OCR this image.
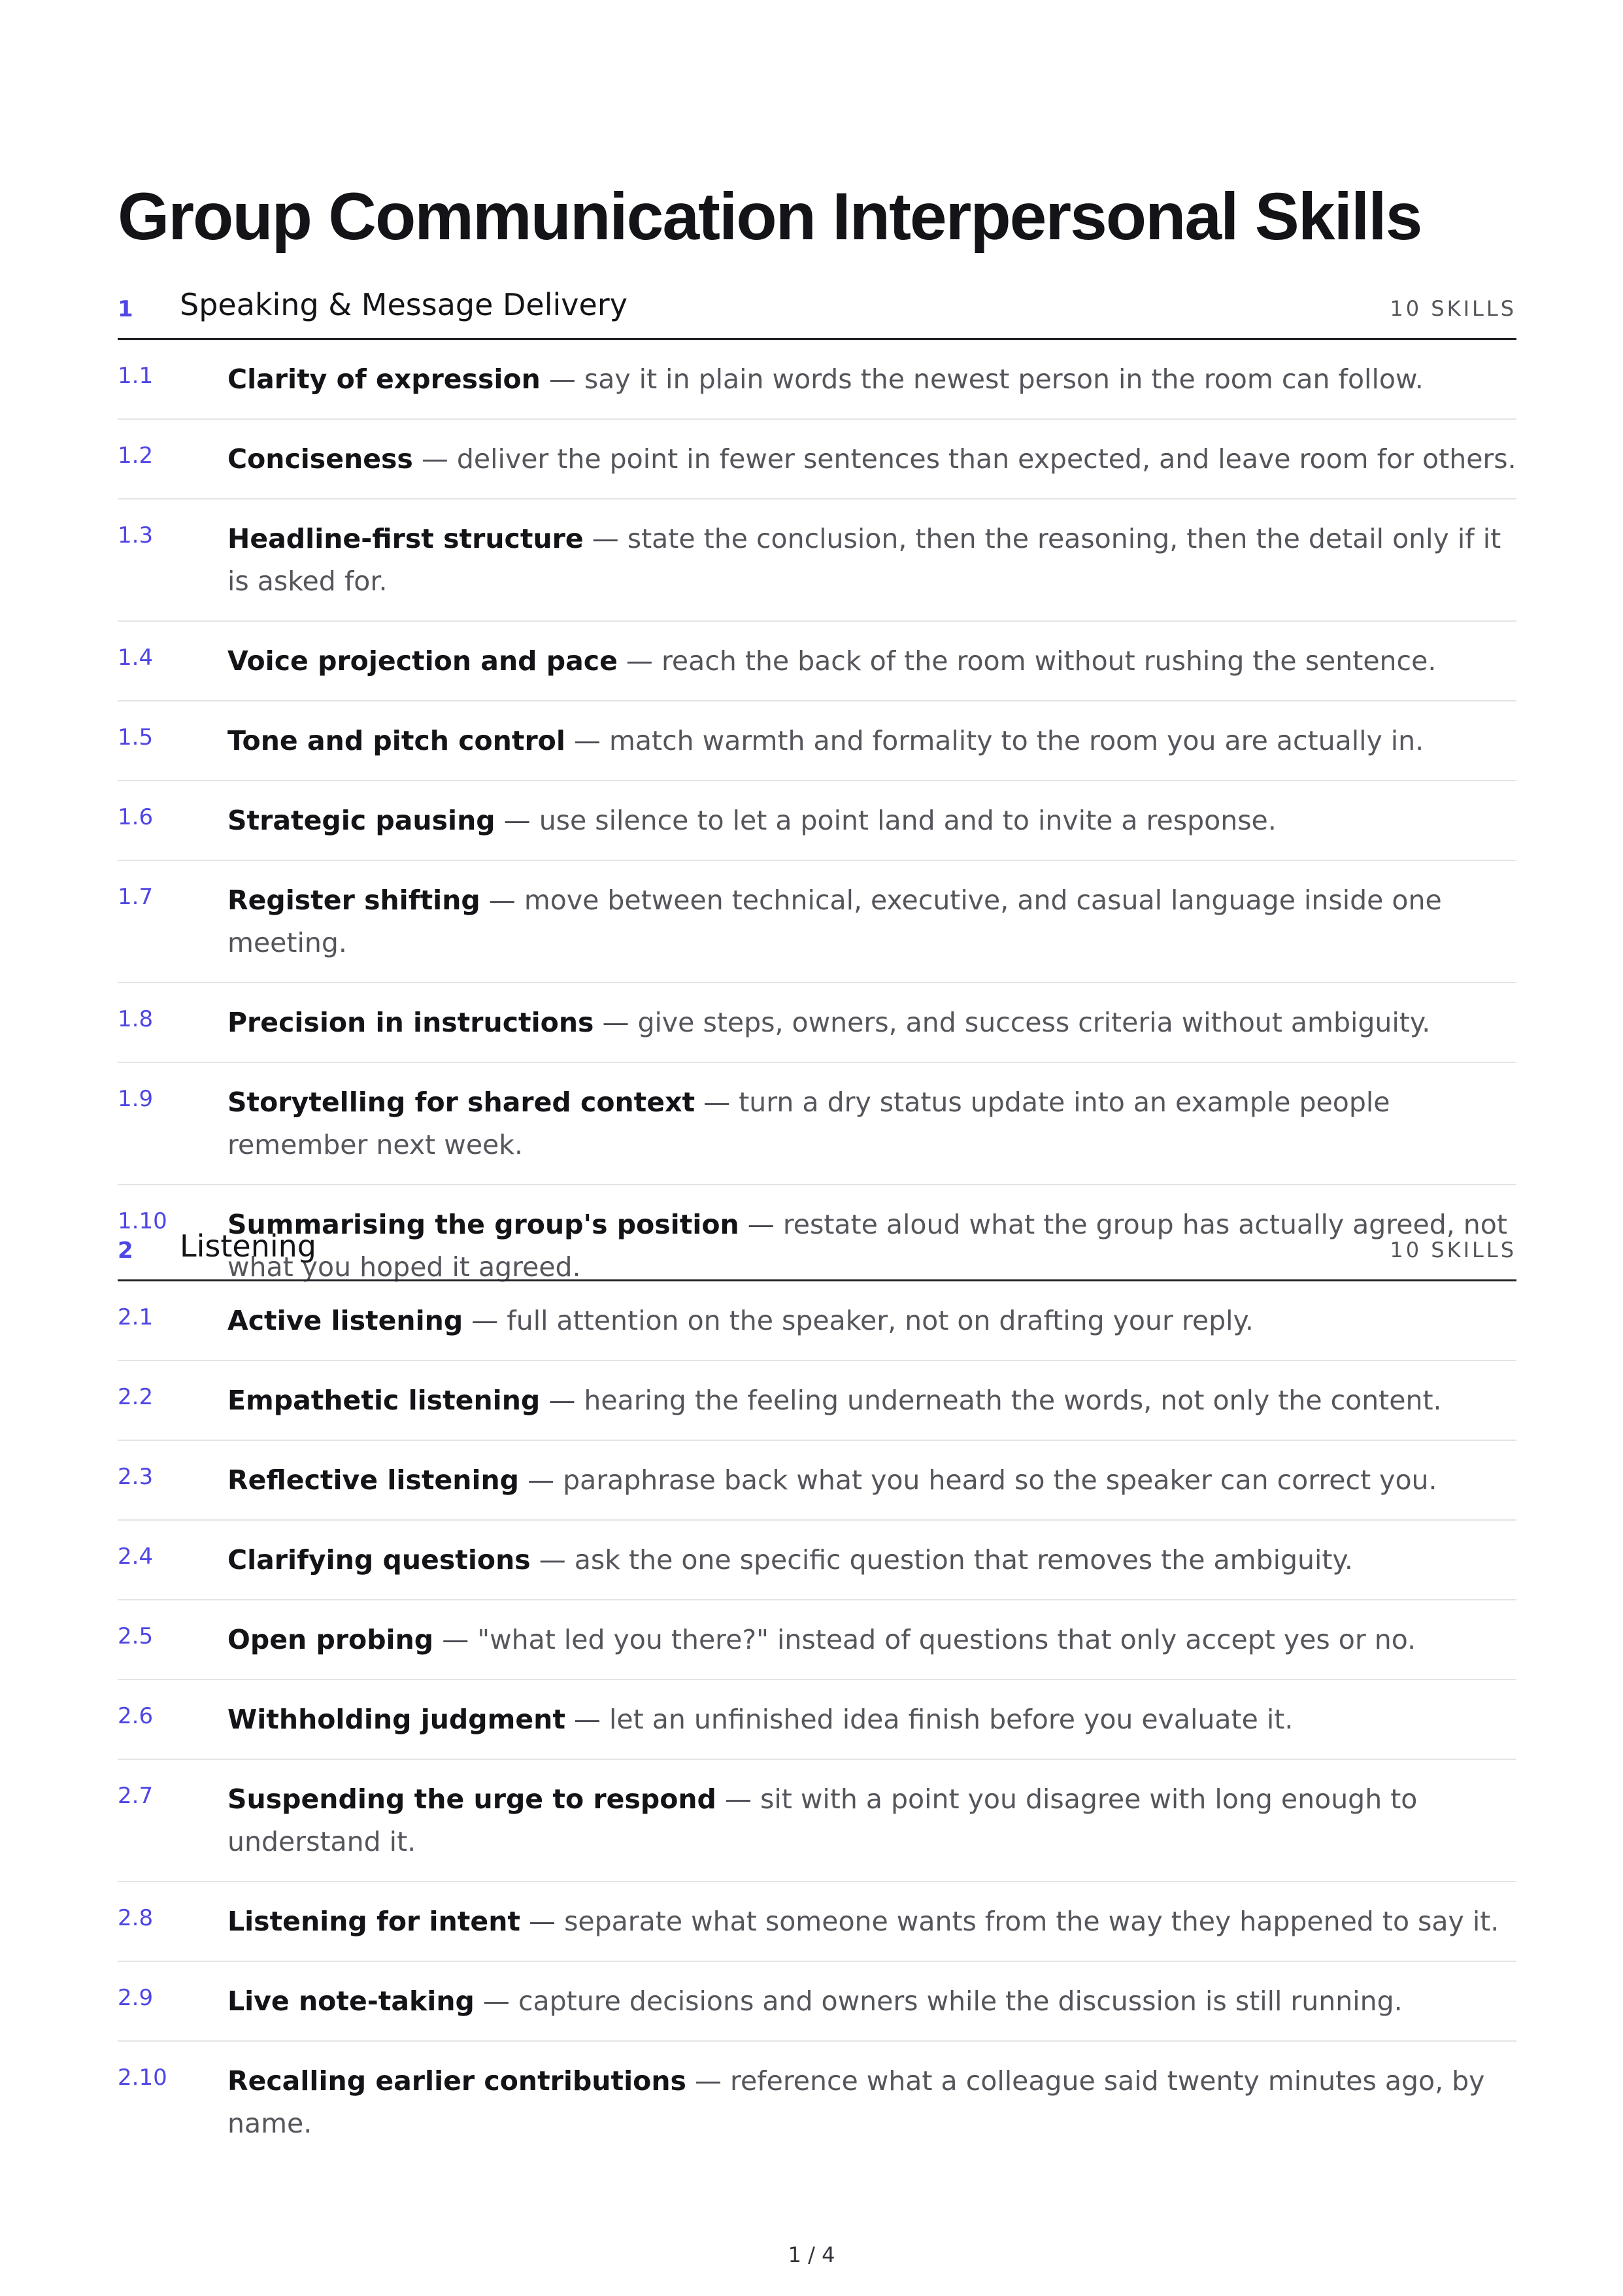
Group Communication Interpersonal Skills
1 Speaking & Message Delivery	10 SKILLS
1.1	Clarity of expression — say it in plain words the newest person in the room can follow.
1.2	Conciseness — deliver the point in fewer sentences than expected, and leave room for others.
1.3	Headline-first structure — state the conclusion, then the reasoning, then the detail only if it is asked for.
1.4	Voice projection and pace — reach the back of the room without rushing the sentence.
1.5	Tone and pitch control — match warmth and formality to the room you are actually in.
1.6	Strategic pausing — use silence to let a point land and to invite a response.
1.7	Register shifting — move between technical, executive, and casual language inside one meeting.
1.8	Precision in instructions — give steps, owners, and success criteria without ambiguity.
1.9	Storytelling for shared context — turn a dry status update into an example people remember next week.
1.10 Summarising the group's position — restate aloud what the group has actually agreed, not what you hoped it agreed.
2 Listening	10 SKILLS
2.1	Active listening — full attention on the speaker, not on drafting your reply.
2.2	Empathetic listening — hearing the feeling underneath the words, not only the content.
2.3	Reflective listening — paraphrase back what you heard so the speaker can correct you.
2.4	Clarifying questions — ask the one specific question that removes the ambiguity.
2.5	Open probing — "what led you there?" instead of questions that only accept yes or no.
2.6	Withholding judgment — let an unfinished idea finish before you evaluate it.
2.7	Suspending the urge to respond — sit with a point you disagree with long enough to understand it.
2.8	Listening for intent — separate what someone wants from the way they happened to say it.
2.9	Live note-taking — capture decisions and owners while the discussion is still running.
2.10 Recalling earlier contributions — reference what a colleague said twenty minutes ago, by name.
1 / 4
